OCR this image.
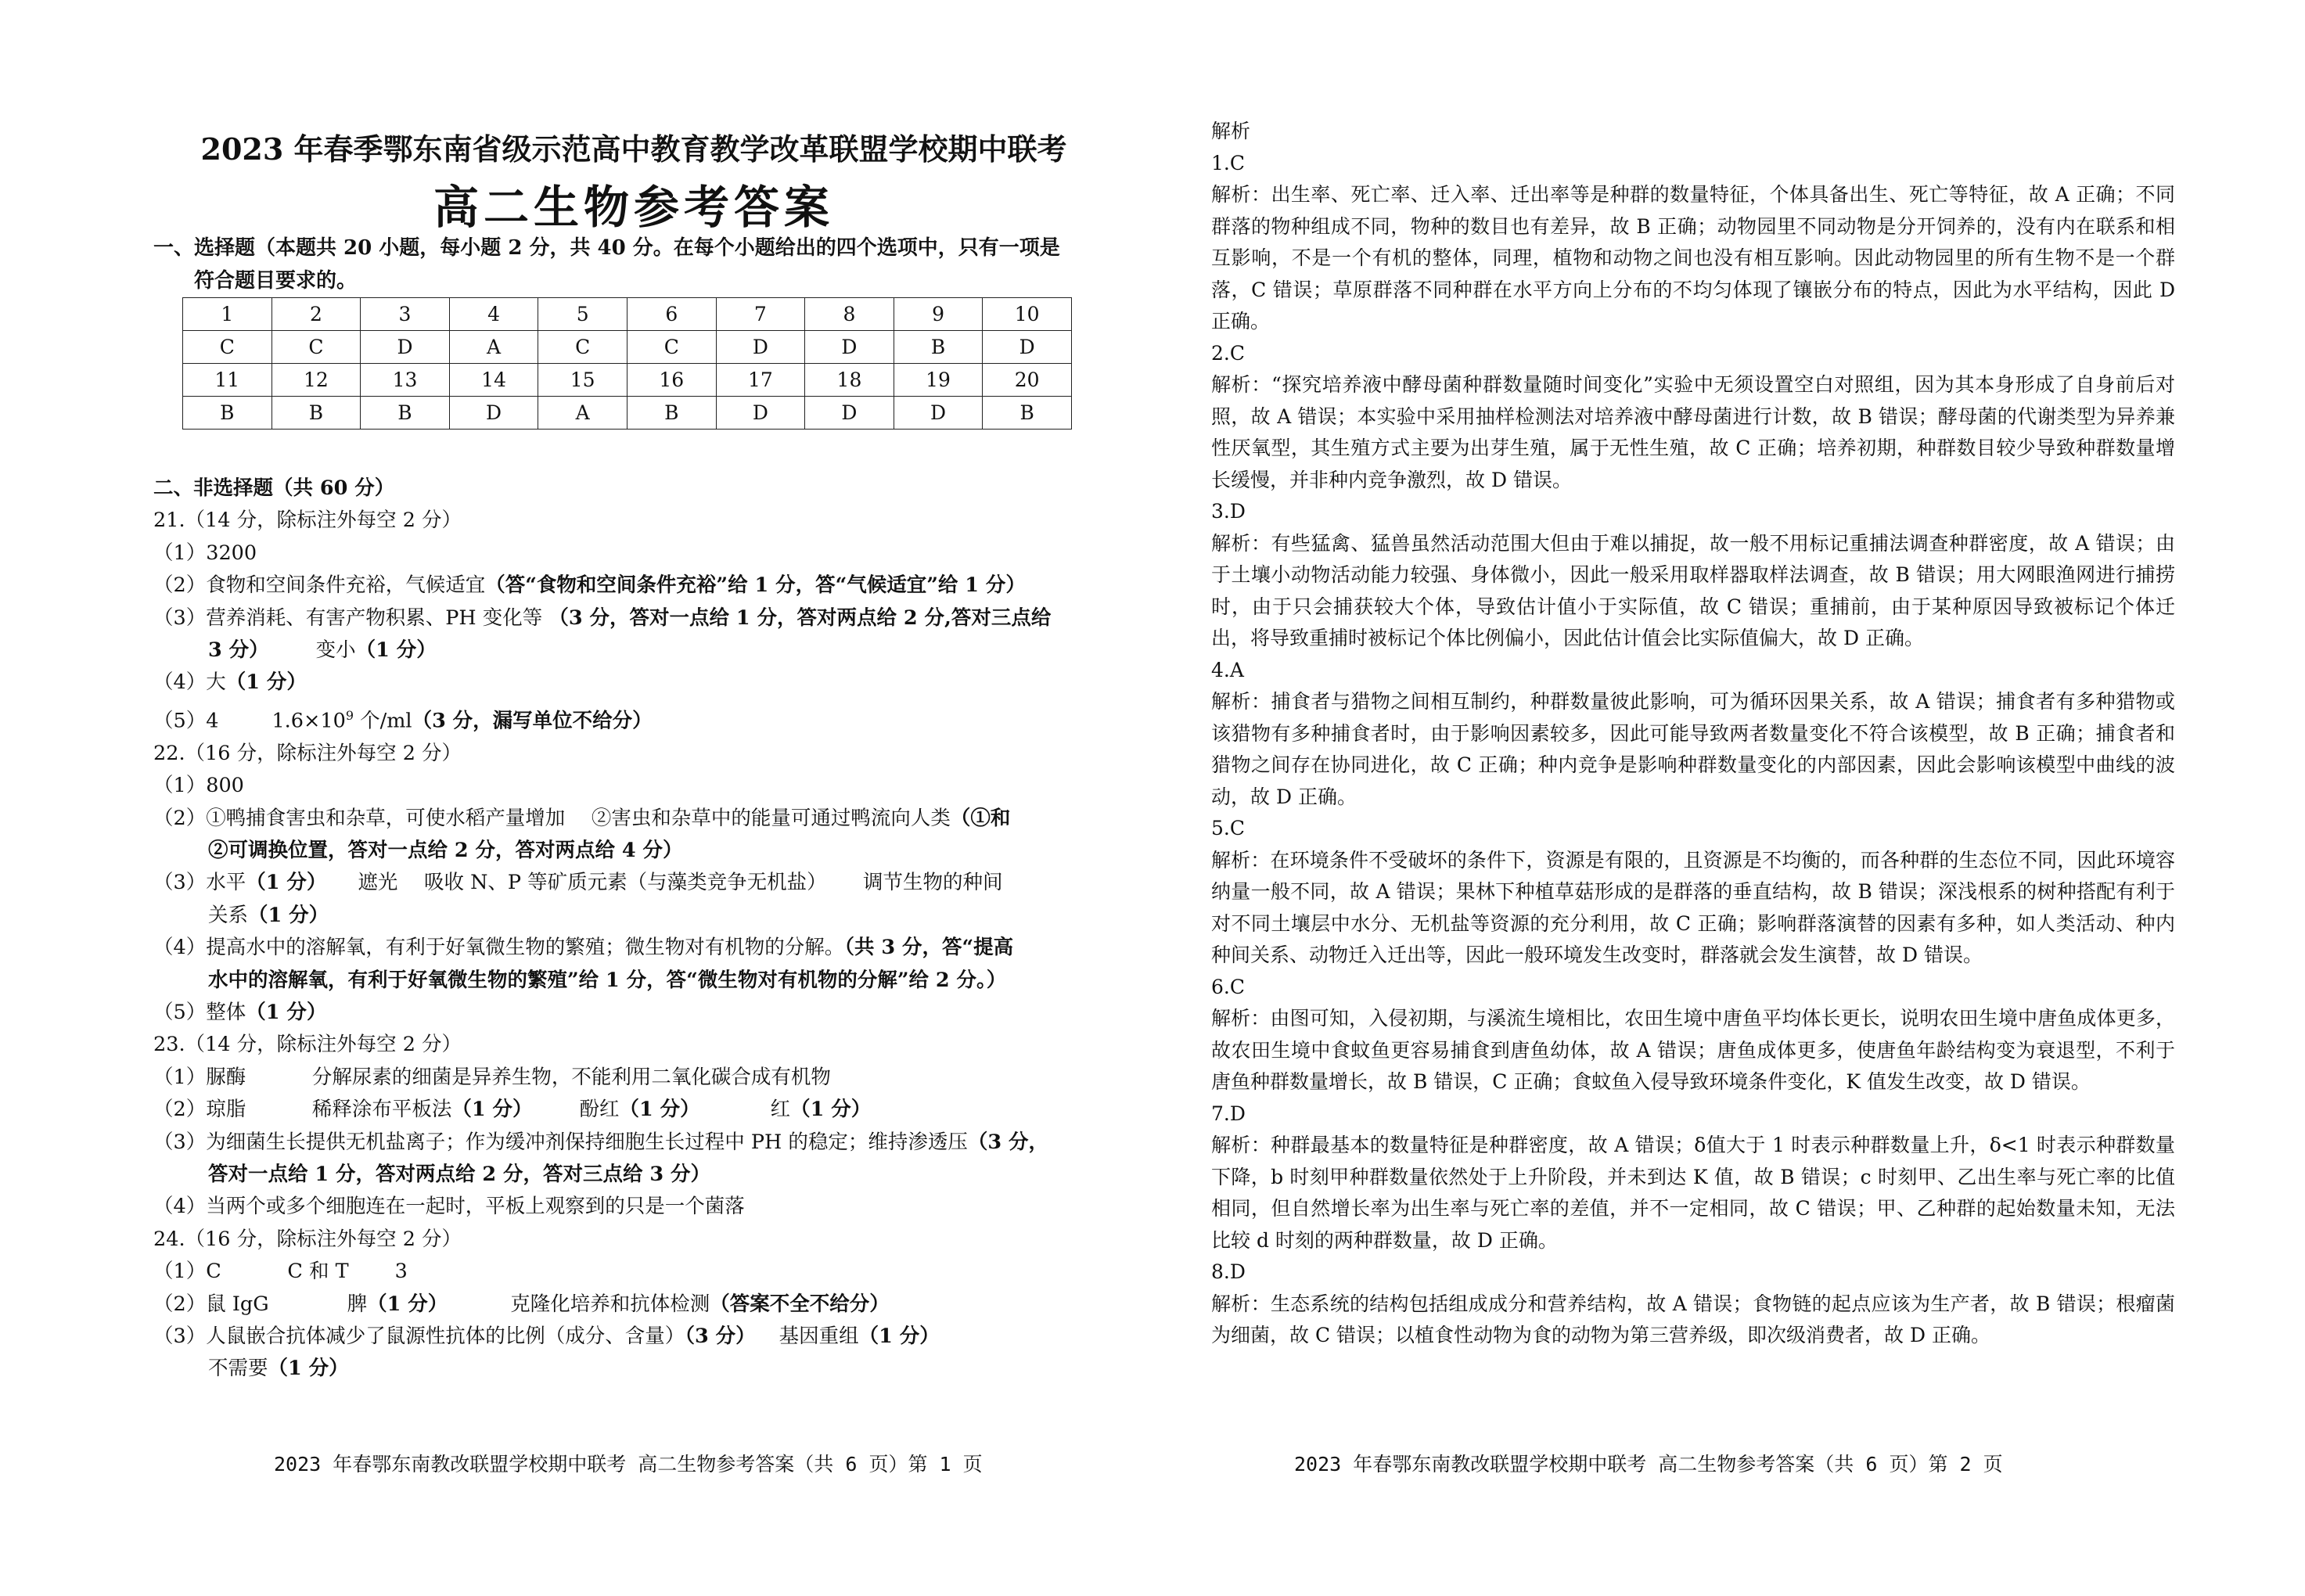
2023 年春季鄂东南省级示范高中教育教学改革联盟学校期中联考
高二生物参考答案
一、选择题（本题共 20 小题，每小题 2 分，共 40 分。在每个小题给出的四个选项中，只有一项是
符合题目要求的。
1	2	3	4	5	6	7	8	9	10
C	C	D	A	C	C	D	D	B	D
11	12	13	14	15	16	17	18	19	20
B	B	B	D	A	B	D	D	D	B
二、非选择题（共 60 分）
21.（14 分，除标注外每空 2 分）
（1）3200
（2）食物和空间条件充裕，气候适宜（答“食物和空间条件充裕”给 1 分，答“气候适宜”给 1 分）
（3）营养消耗、有害产物积累、PH 变化等 （3 分，答对一点给 1 分，答对两点给 2 分,答对三点给
3 分） 变小（1 分）
（4）大（1 分）
（5）4	$1.6\times 10^9$ 个/ml（3 分，漏写单位不给分）
22.（16 分，除标注外每空 2 分）
（1）800
（2）①鸭捕食害虫和杂草，可使水稻产量增加　 ②害虫和杂草中的能量可通过鸭流向人类（①和
②可调换位置，答对一点给 2 分，答对两点给 4 分）
（3）水平（1 分） 遮光　 吸收 N、P 等矿质元素（与藻类竞争无机盐）　　 调节生物的种间
关系（1 分）
（4）提高水中的溶解氧，有利于好氧微生物的繁殖；微生物对有机物的分解。（共 3 分，答“提高
水中的溶解氧，有利于好氧微生物的繁殖”给 1 分，答“微生物对有机物的分解”给 2 分。）
（5）整体（1 分）
23.（14 分，除标注外每空 2 分）
（1）脲酶　　　 分解尿素的细菌是异养生物，不能利用二氧化碳合成有机物
（2）琼脂　　　 稀释涂布平板法（1 分） 酚红（1 分）	红（1 分）
（3）为细菌生长提供无机盐离子；作为缓冲剂保持细胞生长过程中 PH 的稳定；维持渗透压（3 分，
答对一点给 1 分，答对两点给 2 分，答对三点给 3 分）
（4）当两个或多个细胞连在一起时，平板上观察到的只是一个菌落
24.（16 分，除标注外每空 2 分）
（1）C　　　 C 和 T　　 3
（2）鼠 IgG	脾（1 分）	克隆化培养和抗体检测（答案不全不给分）
（3）人鼠嵌合抗体减少了鼠源性抗体的比例（成分、含量）（3 分） 基因重组（1 分）
不需要（1 分）
2023 年春鄂东南教改联盟学校期中联考 高二生物参考答案（共 6 页）第 1 页
解析
1.C
解析：出生率、死亡率、迁入率、迁出率等是种群的数量特征，个体具备出生、死亡等特征，故 A 正确；不同群落的物种组成不同，物种的数目也有差异，故 B 正确；动物园里不同动物是分开饲养的，没有内在联系和相互影响，不是一个有机的整体，同理，植物和动物之间也没有相互影响。因此动物园里的所有生物不是一个群落，C 错误；草原群落不同种群在水平方向上分布的不均匀体现了镶嵌分布的特点，因此为水平结构，因此 D 正确。
2.C
解析：“探究培养液中酵母菌种群数量随时间变化”实验中无须设置空白对照组，因为其本身形成了自身前后对照，故 A 错误；本实验中采用抽样检测法对培养液中酵母菌进行计数，故 B 错误；酵母菌的代谢类型为异养兼性厌氧型，其生殖方式主要为出芽生殖，属于无性生殖，故 C 正确；培养初期，种群数目较少导致种群数量增长缓慢，并非种内竞争激烈，故 D 错误。
3.D
解析：有些猛禽、猛兽虽然活动范围大但由于难以捕捉，故一般不用标记重捕法调查种群密度，故 A 错误；由于土壤小动物活动能力较强、身体微小，因此一般采用取样器取样法调查，故 B 错误；用大网眼渔网进行捕捞时，由于只会捕获较大个体，导致估计值小于实际值，故 C 错误；重捕前，由于某种原因导致被标记个体迁出，将导致重捕时被标记个体比例偏小，因此估计值会比实际值偏大，故 D 正确。
4.A
解析：捕食者与猎物之间相互制约，种群数量彼此影响，可为循环因果关系，故 A 错误；捕食者有多种猎物或该猎物有多种捕食者时，由于影响因素较多，因此可能导致两者数量变化不符合该模型，故 B 正确；捕食者和猎物之间存在协同进化，故 C 正确；种内竞争是影响种群数量变化的内部因素，因此会影响该模型中曲线的波动，故 D 正确。
5.C
解析：在环境条件不受破坏的条件下，资源是有限的，且资源是不均衡的，而各种群的生态位不同，因此环境容纳量一般不同，故 A 错误；果林下种植草菇形成的是群落的垂直结构，故 B 错误；深浅根系的树种搭配有利于对不同土壤层中水分、无机盐等资源的充分利用，故 C 正确；影响群落演替的因素有多种，如人类活动、种内种间关系、动物迁入迁出等，因此一般环境发生改变时，群落就会发生演替，故 D 错误。
6.C
解析：由图可知，入侵初期，与溪流生境相比，农田生境中唐鱼平均体长更长，说明农田生境中唐鱼成体更多，故农田生境中食蚊鱼更容易捕食到唐鱼幼体，故 A 错误；唐鱼成体更多，使唐鱼年龄结构变为衰退型，不利于唐鱼种群数量增长，故 B 错误，C 正确；食蚊鱼入侵导致环境条件变化，K 值发生改变，故 D 错误。
7.D
解析：种群最基本的数量特征是种群密度，故 A 错误；δ值大于 1 时表示种群数量上升，δ<1 时表示种群数量下降，b 时刻甲种群数量依然处于上升阶段，并未到达 K 值，故 B 错误；c 时刻甲、乙出生率与死亡率的比值相同，但自然增长率为出生率与死亡率的差值，并不一定相同，故 C 错误；甲、乙种群的起始数量未知，无法比较 d 时刻的两种群数量，故 D 正确。
8.D
解析：生态系统的结构包括组成成分和营养结构，故 A 错误；食物链的起点应该为生产者，故 B 错误；根瘤菌为细菌，故 C 错误；以植食性动物为食的动物为第三营养级，即次级消费者，故 D 正确。
2023 年春鄂东南教改联盟学校期中联考 高二生物参考答案（共 6 页）第 2 页
